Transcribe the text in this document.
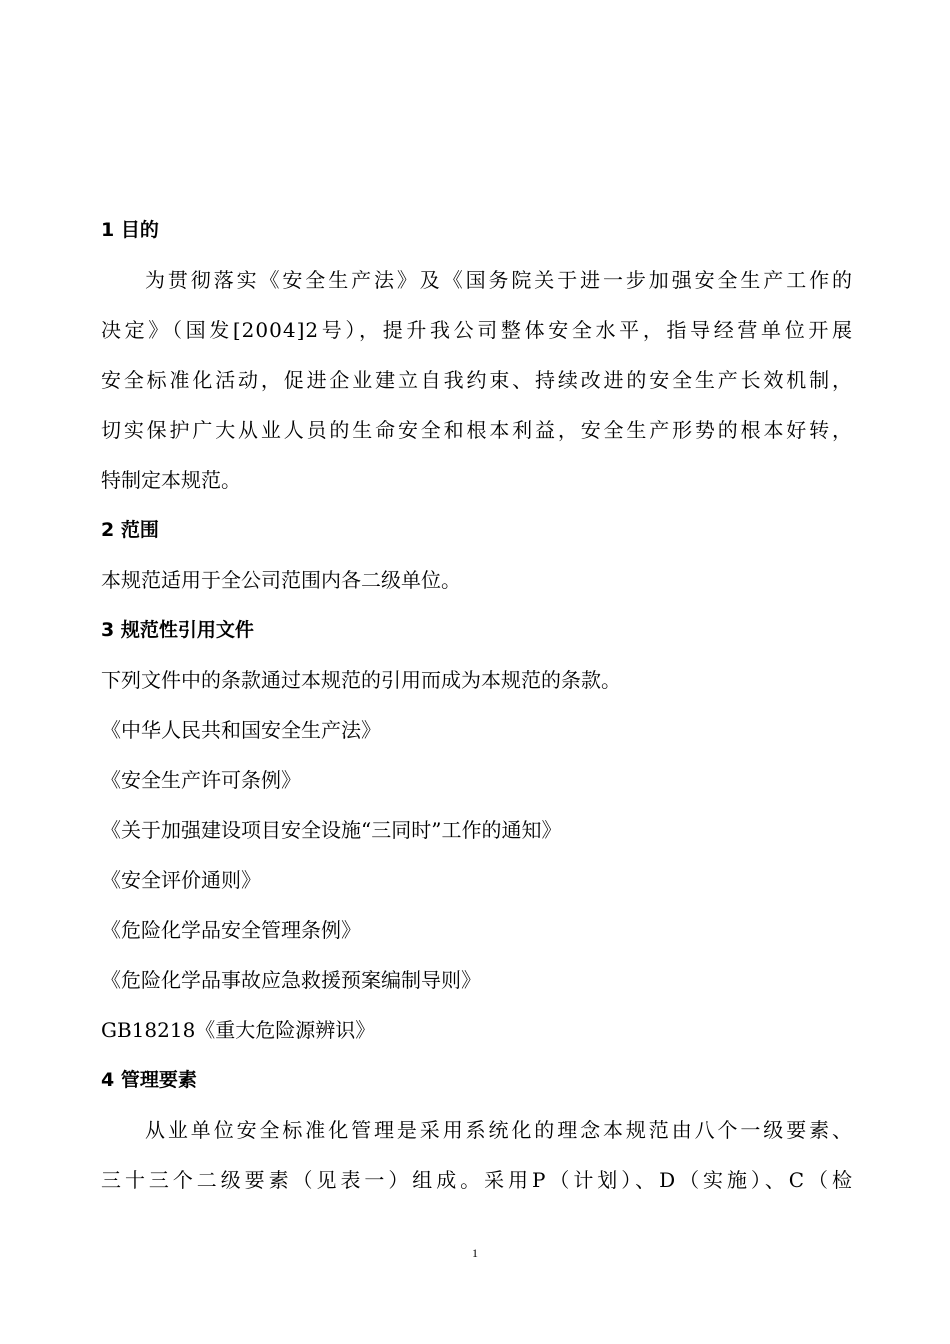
1 目的
为贯彻落实《安全生产法》及《国务院关于进一步加强安全生产工作的
决定》（国发[2004]2号），提升我公司整体安全水平，指导经营单位开展
安全标准化活动，促进企业建立自我约束、持续改进的安全生产长效机制，
切实保护广大从业人员的生命安全和根本利益，安全生产形势的根本好转，
特制定本规范。
2 范围
本规范适用于全公司范围内各二级单位。
3 规范性引用文件
下列文件中的条款通过本规范的引用而成为本规范的条款。
《中华人民共和国安全生产法》
《安全生产许可条例》
《关于加强建设项目安全设施“三同时”工作的通知》
《安全评价通则》
《危险化学品安全管理条例》
《危险化学品事故应急救援预案编制导则》
GB18218《重大危险源辨识》
4 管理要素
从业单位安全标准化管理是采用系统化的理念本规范由八个一级要素、
三十三个二级要素（见表一）组成。采用P（计划）、D（实施）、C（检
1
